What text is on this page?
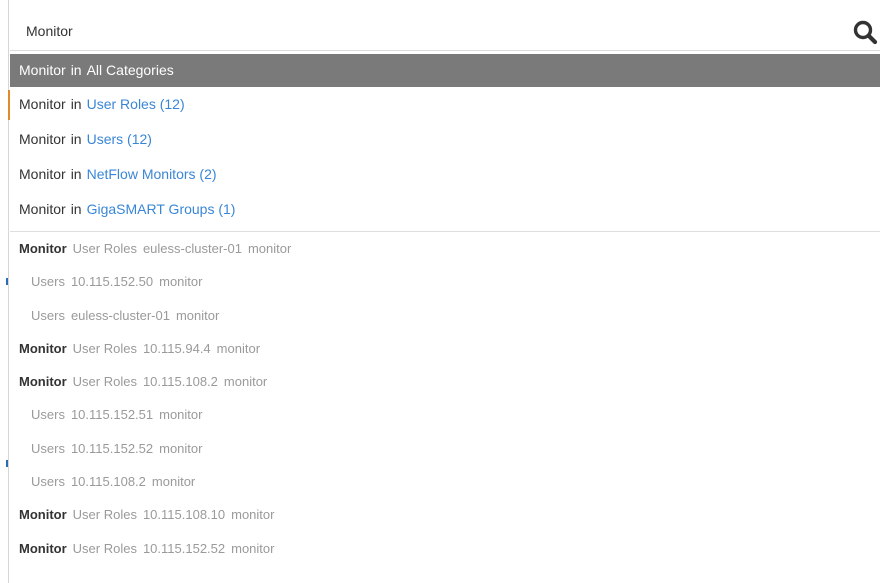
Monitor
Monitor in All Categories
Monitor in User Roles (12)
Monitor in Users (12)
Monitor in NetFlow Monitors (2)
Monitor in GigaSMART Groups (1)
Monitor User Roles euless-cluster-01 monitor
Users 10.115.152.50 monitor
Users euless-cluster-01 monitor
Monitor User Roles 10.115.94.4 monitor
Monitor User Roles 10.115.108.2 monitor
Users 10.115.152.51 monitor
Users 10.115.152.52 monitor
Users 10.115.108.2 monitor
Monitor User Roles 10.115.108.10 monitor
Monitor User Roles 10.115.152.52 monitor
